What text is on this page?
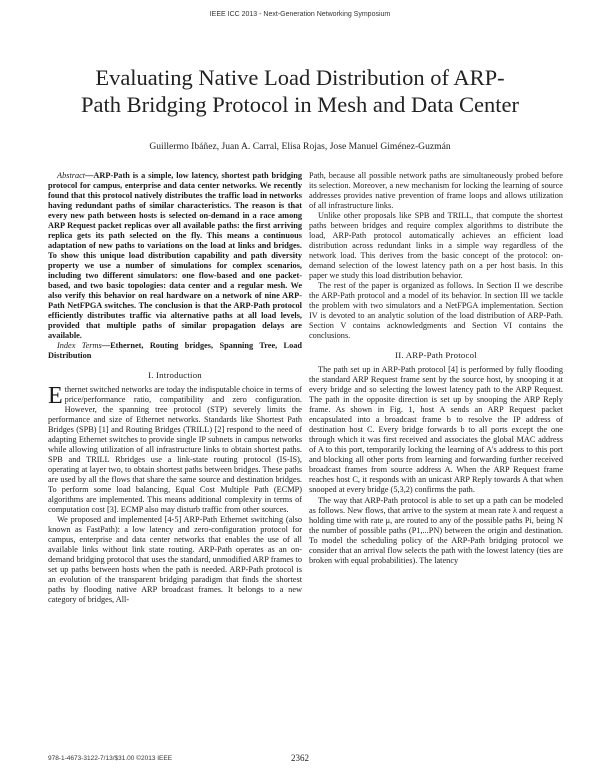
IEEE ICC 2013 - Next-Generation Networking Symposium
Evaluating Native Load Distribution of ARP-
Path Bridging Protocol in Mesh and Data Center
Guillermo Ibáñez, Juan A. Carral, Elisa Rojas, Jose Manuel Giménez-Guzmán

Abstract—ARP-Path is a simple, low latency, shortest path bridging protocol for campus, enterprise and data center networks. We recently found that this protocol natively distributes the traffic load in networks having redundant paths of similar characteristics. The reason is that every new path between hosts is selected on-demand in a race among ARP Request packet replicas over all available paths: the first arriving replica gets its path selected on the fly. This means a continuous adaptation of new paths to variations on the load at links and bridges. To show this unique load distribution capability and path diversity property we use a number of simulations for complex scenarios, including two different simulators: one flow-based and one packet-based, and two basic topologies: data center and a regular mesh. We also verify this behavior on real hardware on a network of nine ARP-Path NetFPGA switches. The conclusion is that the ARP-Path protocol efficiently distributes traffic via alternative paths at all load levels, provided that multiple paths of similar propagation delays are available.

Index Terms—Ethernet, Routing bridges, Spanning Tree, Load Distribution

I. Introduction

Ethernet switched networks are today the indisputable choice in terms of price/performance ratio, compatibility and zero configuration. However, the spanning tree protocol (STP) severely limits the performance and size of Ethernet networks. Standards like Shortest Path Bridges (SPB) [1] and Routing Bridges (TRILL) [2] respond to the need of adapting Ethernet switches to provide single IP subnets in campus networks while allowing utilization of all infrastructure links to obtain shortest paths. SPB and TRILL Rbridges use a link-state routing protocol (IS-IS), operating at layer two, to obtain shortest paths between bridges. These paths are used by all the flows that share the same source and destination bridges. To perform some load balancing, Equal Cost Multiple Path (ECMP) algorithms are implemented. This means additional complexity in terms of computation cost [3]. ECMP also may disturb traffic from other sources.

We proposed and implemented [4-5] ARP-Path Ethernet switching (also known as FastPath): a low latency and zero-configuration protocol for campus, enterprise and data center networks that enables the use of all available links without link state routing. ARP-Path operates as an on-demand bridging protocol that uses the standard, unmodified ARP frames to set up paths between hosts when the path is needed. ARP-Path protocol is an evolution of the transparent bridging paradigm that finds the shortest paths by flooding native ARP broadcast frames. It belongs to a new category of bridges, All-

Path, because all possible network paths are simultaneously probed before its selection. Moreover, a new mechanism for locking the learning of source addresses provides native prevention of frame loops and allows utilization of all infrastructure links.

Unlike other proposals like SPB and TRILL, that compute the shortest paths between bridges and require complex algorithms to distribute the load, ARP-Path protocol automatically achieves an efficient load distribution across redundant links in a simple way regardless of the network load. This derives from the basic concept of the protocol: on-demand selection of the lowest latency path on a per host basis. In this paper we study this load distribution behavior.

The rest of the paper is organized as follows. In Section II we describe the ARP-Path protocol and a model of its behavior. In section III we tackle the problem with two simulators and a NetFPGA implementation. Section IV is devoted to an analytic solution of the load distribution of ARP-Path. Section V contains acknowledgments and Section VI contains the conclusions.

II. ARP-Path Protocol

The path set up in ARP-Path protocol [4] is performed by fully flooding the standard ARP Request frame sent by the source host, by snooping it at every bridge and so selecting the lowest latency path to the ARP Request. The path in the opposite direction is set up by snooping the ARP Reply frame. As shown in Fig. 1, host A sends an ARP Request packet encapsulated into a broadcast frame b to resolve the IP address of destination host C. Every bridge forwards b to all ports except the one through which it was first received and associates the global MAC address of A to this port, temporarily locking the learning of A's address to this port and blocking all other ports from learning and forwarding further received broadcast frames from source address A. When the ARP Request frame reaches host C, it responds with an unicast ARP Reply towards A that when snooped at every bridge (5,3,2) confirms the path.

The way that ARP-Path protocol is able to set up a path can be modeled as follows. New flows, that arrive to the system at mean rate λ and request a holding time with rate μ, are routed to any of the possible paths Pi, being N the number of possible paths (P1,...PN) between the origin and destination. To model the scheduling policy of the ARP-Path bridging protocol we consider that an arrival flow selects the path with the lowest latency (ties are broken with equal probabilities). The latency

978-1-4673-3122-7/13/$31.00 ©2013 IEEE	2362
